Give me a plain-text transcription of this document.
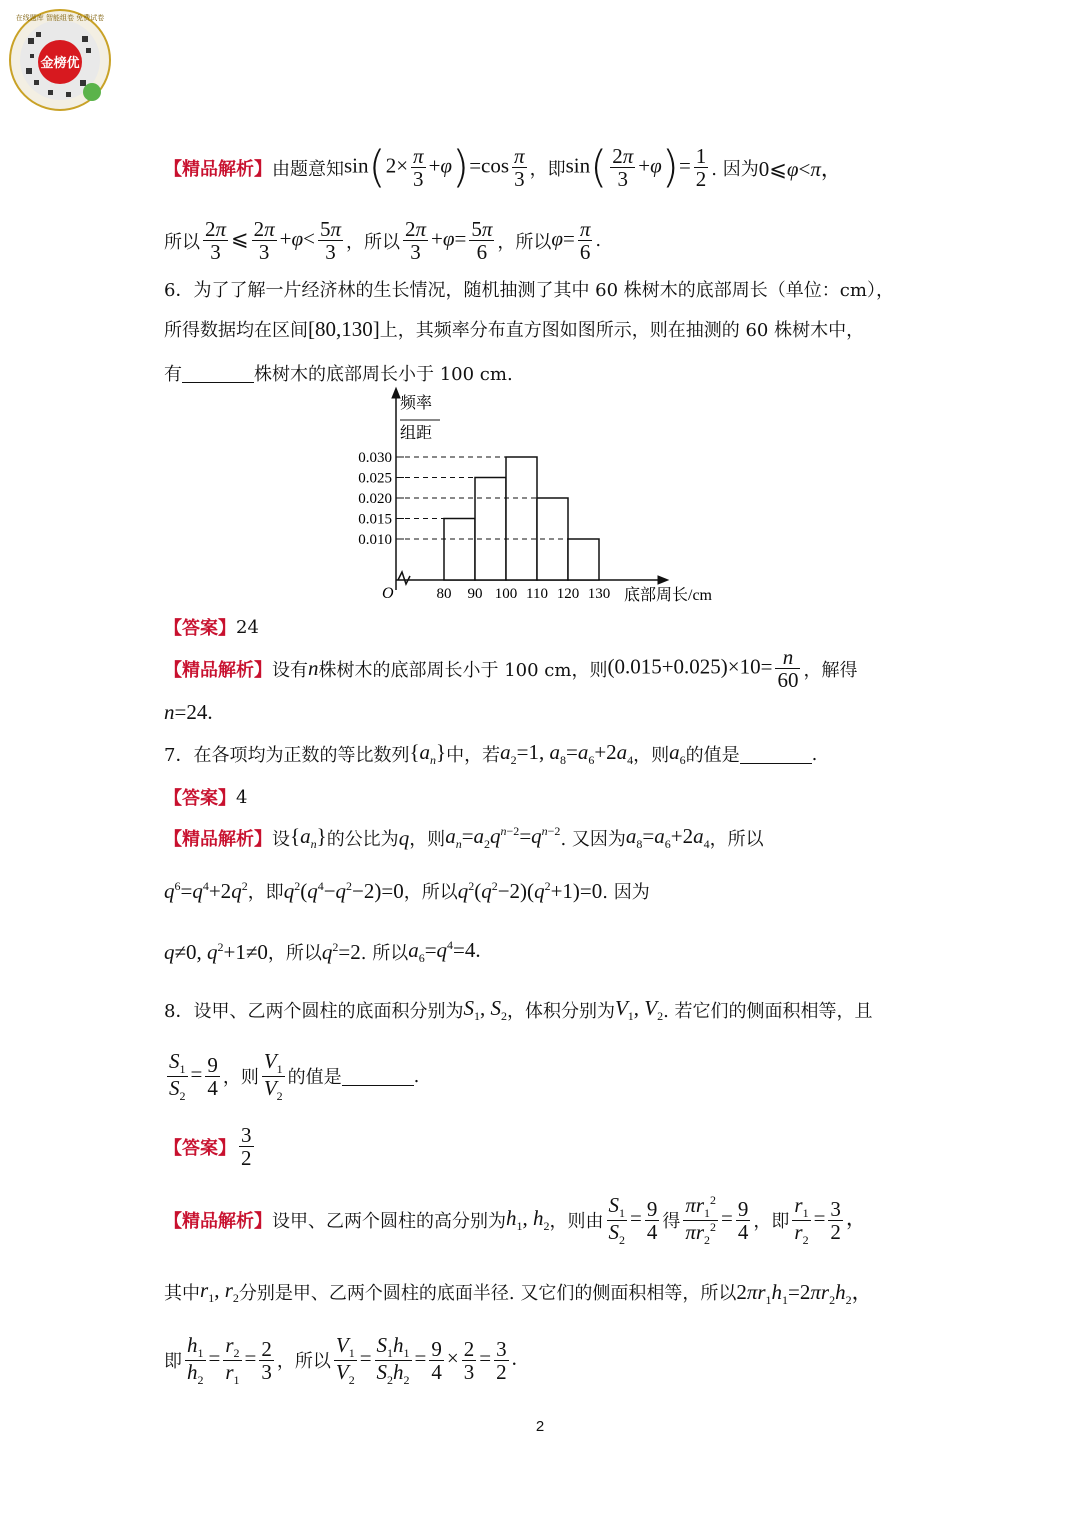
金榜优
在线题库 智能组卷 免费试卷
【精品解析】 由题意知 $\sin(2\times \frac{\pi}{3} +\varphi)=\cos \frac{\pi}{3}$ ，即 $\sin( \frac{2\pi}{3} +\varphi)= \frac{1}{2}$ . 因为 0⩽φ<π，
所以 $\frac{2\pi}{3}$ ⩽ $\frac{2\pi}{3} +\varphi< \frac{5\pi}{3}$ ，所以 $\frac{2\pi}{3} +\varphi= \frac{5\pi}{6}$ ，所以 $\varphi= \frac{\pi}{6}$ .
6．为了了解一片经济林的生长情况，随机抽测了其中 60 株树木的底部周长（单位：cm），
所得数据均在区间 [80,130] 上，其频率分布直方图如图所示，则在抽测的 60 株树木中，
有	株树木的底部周长小于 100 cm.
频率
组距
O	底部周长/cm
0.010
0.015
0.020
0.025
0.030
80 90 100 110 120 130
【答案】 24
【精品解析】 设有 n 株树木的底部周长小于 100 cm，则 $(0.015+0.025)\times 10= \frac{n}{60}$ ，解得
n=24.
7．在各项均为正数的等比数列 $\{a_n\}$ 中，若 $a_2=1$, $a_8=a_6+2a_4$ ，则 $a_6$ 的值是	.
【答案】 4
【精品解析】 设 $\{a_n\}$ 的公比为 q ，则 $a_n=a_2q^{n-2}=q^{n-2}$ . 又因为 $a_8=a_6+2a_4$ ，所以
$q^6=q^4+2q^2$ ，即 $q^2(q^4-q^2-2)=0$ ，所以 $q^2(q^2-2)(q^2+1)=0$ . 因为
q≠0, $q^2+1\ne 0$ ，所以 $q^2=2$ . 所以 $a_6=q^4=4$.
8．设甲、乙两个圆柱的底面积分别为 $S_1$, $S_2$ ，体积分别为 $V_1$, $V_2$ . 若它们的侧面积相等，且
$\frac{S_1}{S_2} = \frac{9}{4}$ ，则 $\frac{V_1}{V_2}$ 的值是	.
【答案】 $\frac{3}{2}$
【精品解析】 设甲、乙两个圆柱的高分别为 $h_1$, $h_2$ ，则由 $\frac{S_1}{S_2} = \frac{9}{4}$ 得 $\frac{\pi r_1^2}{\pi r_2^2} = \frac{9}{4}$ ，即 $\frac{r_1}{r_2} = \frac{3}{2}$ ，
其中 $r_1$, $r_2$ 分别是甲、乙两个圆柱的底面半径. 又它们的侧面积相等，所以 $2\pi r_1h_1=2\pi r_2h_2$，
即 $\frac{h_1}{h_2} = \frac{r_2}{r_1} = \frac{2}{3}$ ，所以 $\frac{V_1}{V_2} = \frac{S_1h_1}{S_2h_2} = \frac{9}{4} \times \frac{2}{3} = \frac{3}{2}$ .
2
